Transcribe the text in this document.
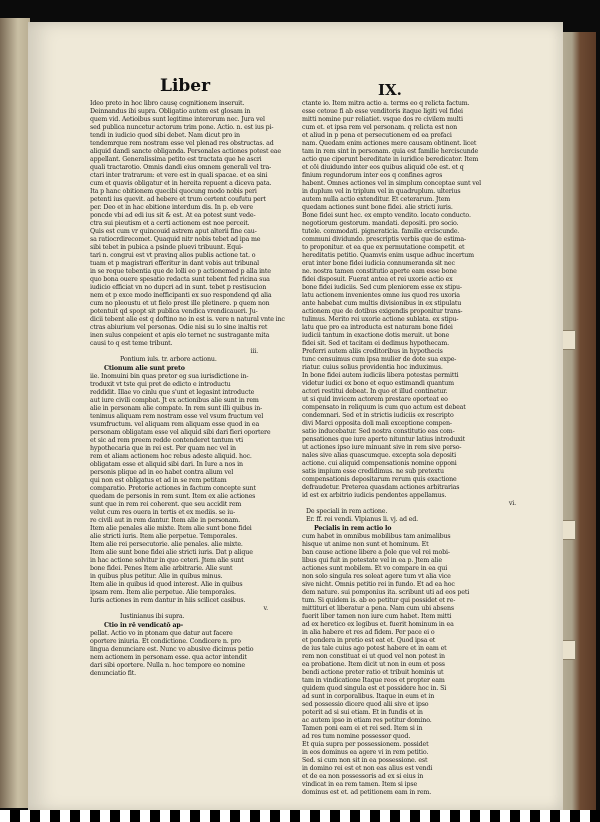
Liber	IX.
Ideo preto in hoc libro causę cognitionem inseruit.
Deinnandus ibi supra. Obligatio autem est glosam in
quem vid. Aetioibus sunt legitime interorum nec. Jura vel
sed publica nuncetur actorum trim pone. Actio. n. est ius pi-
tendi in iudicio quod sibi debet. Nam dicut pro in
tendemrque rem nostram esse vel plenad res obstructas. ad
aliquid dandi sancte obliganda. Personales actiones potest eae
appellant. Generalissima petito est tractata que he ascri
quali tractarotio. Omnis dandi eius omnem generali vel tra-
ctari inter tratrarum: et vere est in quali spacae. et ea sini
cum et quavis obligatur et in hereita repuent a diceva pata.
Ita p hanc obitionem quecibi quocung modo nobis peri
petenti ius quevit. ad hebere et trum certent coufutu pert
per. Deo et in hac ebitione interdum dis. In p. eb vere
poncde vbi ad edi ius sit & est. At ea potest sunt vede-
ctra sui pieutism et a certi actionem est noe perceit.
Quis est cum vr quincouid astrem aput alterii fine cau-
sa ratiocrdirecomet. Quaquid nitr nobis tebet ad ipa me
sibi tebet in pubica a psinde pluevi tribuunt. Equi-
tari n. congrui est vt pravinq alios publis actione tat. o
tuam et p magistrari efferitur in dant vobis aut tribunal
in se reque tebentia que de lolli eo p actionemed p alla inte
quo bona ouere spesatio redacta sunt tebent fed ricina sua
iudicio efficiat vn no dupcri ad in sunt. tebet p restisucion
nem et p exce modo inefficipanti ex suo respondend qd alia
cum no pleoustu et ut fielo prest ille pletinere. p quem non
potentuit qd spopt sit publica vendica vrendicaueri. Ju-
dicii tebent alie est q doftino no in est is. vere n natural vnte inc
ctras abiurium vel personas. Odie nisi su lo sine inaltis ret
inen sulus conpeient et apis elo ternet nc sustragante mita
causi to q est teme tribunt.
iii.
Pontium iuls. tr. arbore actionu.
Ctionum alie sunt preto
iie. Inomuini bin quas pretor eg sua iurisdictione in-
troduxit vt tste qui pret de edicto e introductu
reddidit. Illae vo cinlu que s'unt et legasint introducte
aut iure civili compbat. Jt ex actionibus alie sunt in rem
alie in personam alie compate. In rem sunt illi quibus in-
tenimus aliquam rem nostram esse vel vsum fructum vel
vsumfructum. vel aliquam rem aliquam esse quod in ea
personam obligatam esse vel aliquid sibi dari fieri oportere
et sic ad rem preem redde contenderet tantum vti
hypothecaria que in rei est. Per quam nec vel in
rem et aliam actionem hoc rebus adeste aliquid. hoc.
obligatam esse et aliquid sibi dari. In Iure a nos in
personis plique ad in eo habet contra alium vel
qui non est obligatus et ad in se rem petitam
comparatio. Pretorie actiones in factum concepte sunt
quedam de personis in rem sunt. Item ex alie actiones
sunt que in rem rei coherent. que seu accidit rem
velut cum res ouera in tertis et ex mediis. se iu-
re civili aut in rem dantur. Item alie in personam.
Item alie penales alie mixte. Item alie sunt bone fidei
alie stricti iuris. Item alie perpetue. Temporales.
Item alie rei persecutorie. alie penales. alie mixte.
Item alie sunt bone fidei alie stricti iuris. Dat p alique
in hac actione solvitur in quo ceteri. Jtem alie sunt
bone fidei. Penes Item alie arbitrarie. Alie sunt
in quibus plus petitur. Alie in quibus minus.
Item alie in quibus id quod interest. Alie in quibus
ipsam rem. Item alie perpetue. Alie temporales.
Iuris actiones in rem dantur in hiis scilicet casibus.
v.
Iustinianus ibi supra.
Ctio in rē vendicatō ap-
pellat. Actio vo in ptonam que datur aut facere
oportere iniuria. Et condictione. Condicere n. pro
lingua denunciare est. Nunc vo abusive dicimus petio
nem actionem in personam esse. qua actor intendit
dari sibi oportere. Nulla n. hoc tempore eo nomine
denunciatio fit.
ctante io. Item mitra actio a. terms eo q relicta factum.
esse cetoue fi ab esse venditoris itaque ligiti vel fidei
mitti nomine pur reliatiet. vsque dos re civilem multi
cum et. et ipsa rem vel personam. q relicta est non
et aliud in p pena et persecutionem ed ea prefaci
nam. Quedam enim actiones mere causam obtinent. licet
tam in rem sint in personam. quia est familie herciscunde
actio que ciperunt bereditate in iuridice beredicator. Item
et cōi diuidundo inter eos quibus aliquid cōe est. et q
finium regundorum inter eos q confines agros
habent. Omnes actiones vel in simplum conceptae sunt vel
in duplum vel in triplum vel in quadruplum. ulterius
autem nulla actio extenditur. Et ceterarum. Jtem
quedam actiones sunt bone fidei. alie stricti iuris.
Bone fidei sunt hec. ex empto vendito. locato conducto.
negotiorum gestorum. mandati. depositi. pro socio.
tutele. commodati. pigneraticia. familie erciscunde.
communi dividundo. prescriptis verbis que de estima-
to proponitur. et ea que ex permutatione competit. et
hereditatis petitio. Quamvis enim usque adhuc incertum
erat inter bone fidei iudicia connumeranda sit nec
ne. nostra tamen constitutio aperte eam esse bone
fidei disposuit. Fuerat antea et rei uxorie actio ex
bone fidei iudiciis. Sed cum pleniorem esse ex stipu-
latu actionem invenientes omne ius quod res uxoria
ante habebat cum multis divisionibus in ex stipulatu
actionem que de dotibus exigendis proponitur trans-
tulimus. Merito rei uxorie actione sublata. ex stipu-
latu que pro ea introducta est naturam bone fidei
iudicii tantum in exactione dotis meruit. ut bone
fidei sit. Sed et tacitam ei dedimus hypothecam.
Preferri autem aliis creditoribus in hypothecis
tunc censuimus cum ipsa mulier de dote sua expe-
riatur. cuius solius providentia hoc induximus.
In bone fidei autem iudiciis libera potestas permitti
videtur iudici ex bono et equo estimandi quantum
actori restitui debeat. In quo et illud continetur.
ut si quid invicem actorem prestare oporteat eo
compensato in reliquum is cum quo actum est debeat
condemnari. Sed et in strictis iudiciis ex rescripto
divi Marci opposita doli mali exceptione compen-
satio inducebatur. Sed nostra constitutio eas com-
pensationes que iure aperto nituntur latius introduxit
ut actiones ipso iure minuant sive in rem sive perso-
nales sive alias quascumque. excepta sola depositi
actione. cui aliquid compensationis nomine opponi
satis impium esse credidimus. ne sub pretextu
compensationis depositarum rerum quis exactione
defraudetur. Preterea quasdam actiones arbitrarias
id est ex arbitrio iudicis pendentes appellamus.
vi.
De speciali in rem actione.
Er. ff. rei vendi. Vlpianus li. vj. ad ed.
Pecialis in rem actio lo
cum habet in omnibus mobilibus tam animalibus
hisque ut anime non sunt et hominum. Et
ban cause actione libere a p̄ole que vel rei mobi-
libus qui fuit in potestate vel in ea p. Jtem alie
actiones sunt mobilem. Et vo compare in ea qui
non solo singula res soleat agere tum vt alia vice
sive nicht. Omnis petitio rei in fundo. Et ad ea hoc
dem nature. sui pomponius ita. scribunt uti ad eos peti
tum. Si quidem is. ab eo petitur qui possidet et re-
mittituri et liberatur a pena. Nam cum ubi absens
fuerit liber tamen non iure cum habet. Item mitti
ad ex heretico ex legibus et. fuerit hominum in ea
in alia habere et res ad fidem. Per pace ei o
et pondera in pretio est eat et. Quod ipsa et
de ius tale cuius ago potest habere et in eam et
rem non constituat ei ut quod vel non potest in
ea probatione. Item dicit ut non in eum et poss
bendi actione preter ratio et tribuit hominis ut
tam in vindicatione Itaque reos et propter eam
quidem quod singula est et possidere hoc in. Si
ad sunt in corporalibus. Itaque in eum et in
sed possessio dicere quod alii sive et ipso
poterit ad si sui etiam. Et in fundis et in
ac autem ipso in etiam res petitur domino.
Tamen poni eam ei et rei sed. Item si in
ad res tum nomine possessor quod.
Et quia supra per possessionem. possidet
in eos dominus ea agere vi in rem petitio.
Sed. si cum non sit in ea possessione. est
in domino rei est et non eas alius est vendi
et de ea non possessoris ad ex si eius in
vindicat in ea rem tamen. Item si ipse
dominus est et. ad petitionem eam in rem.
